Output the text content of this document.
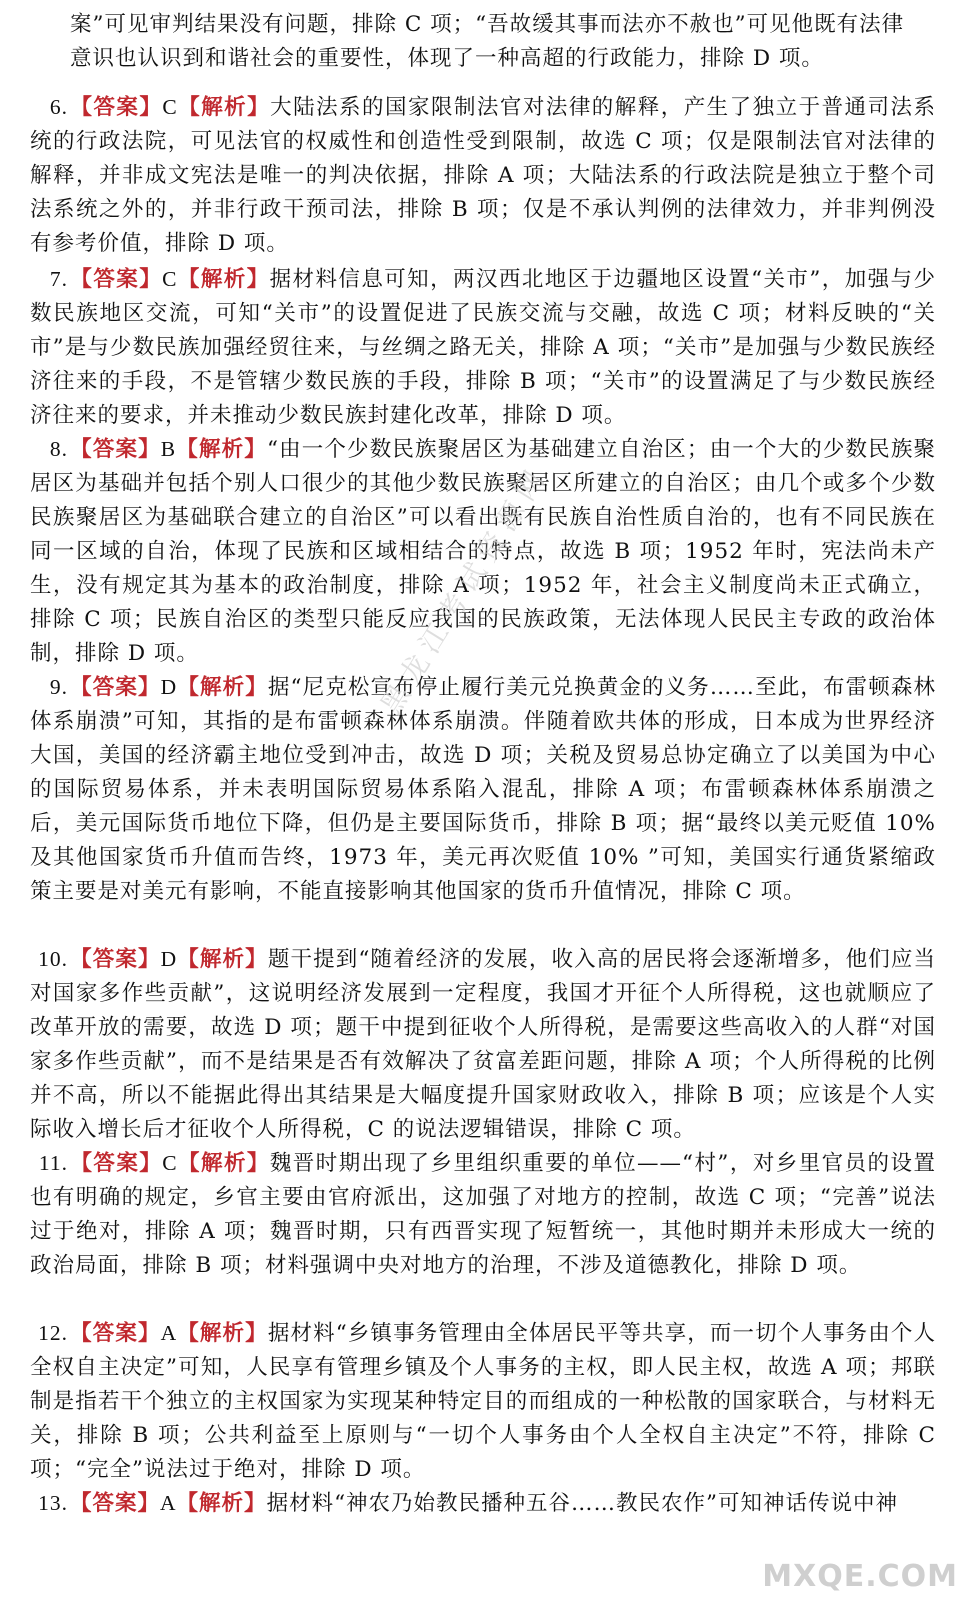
案”可见审判结果没有问题，排除 C 项；“吾故缓其事而法亦不赦也”可见他既有法律
意识也认识到和谐社会的重要性，体现了一种高超的行政能力，排除 D 项。
6.【答案】C【解析】大陆法系的国家限制法官对法律的解释，产生了独立于普通司法系统的行政法院，可见法官的权威性和创造性受到限制，故选 C 项；仅是限制法官对法律的解释，并非成文宪法是唯一的判决依据，排除 A 项；大陆法系的行政法院是独立于整个司法系统之外的，并非行政干预司法，排除 B 项；仅是不承认判例的法律效力，并非判例没有参考价值，排除 D 项。
7.【答案】C【解析】据材料信息可知，两汉西北地区于边疆地区设置“关市”，加强与少数民族地区交流，可知“关市”的设置促进了民族交流与交融，故选 C 项；材料反映的“关市”是与少数民族加强经贸往来，与丝绸之路无关，排除 A 项；“关市”是加强与少数民族经济往来的手段，不是管辖少数民族的手段，排除 B 项；“关市”的设置满足了与少数民族经济往来的要求，并未推动少数民族封建化改革，排除 D 项。
8.【答案】B【解析】“由一个少数民族聚居区为基础建立自治区；由一个大的少数民族聚居区为基础并包括个别人口很少的其他少数民族聚居区所建立的自治区；由几个或多个少数民族聚居区为基础联合建立的自治区”可以看出既有民族自治性质自治的，也有不同民族在同一区域的自治，体现了民族和区域相结合的特点，故选 B 项；1952 年时，宪法尚未产生，没有规定其为基本的政治制度，排除 A 项；1952 年，社会主义制度尚未正式确立，排除 C 项；民族自治区的类型只能反应我国的民族政策，无法体现人民民主专政的政治体制，排除 D 项。
9.【答案】D【解析】据“尼克松宣布停止履行美元兑换黄金的义务……至此，布雷顿森林体系崩溃”可知，其指的是布雷顿森林体系崩溃。伴随着欧共体的形成，日本成为世界经济大国，美国的经济霸主地位受到冲击，故选 D 项；关税及贸易总协定确立了以美国为中心的国际贸易体系，并未表明国际贸易体系陷入混乱，排除 A 项；布雷顿森林体系崩溃之后，美元国际货币地位下降，但仍是主要国际货币，排除 B 项；据“最终以美元贬值 10%及其他国家货币升值而告终，1973 年，美元再次贬值 10% ”可知，美国实行通货紧缩政策主要是对美元有影响，不能直接影响其他国家的货币升值情况，排除 C 项。
10.【答案】D【解析】题干提到“随着经济的发展，收入高的居民将会逐渐增多，他们应当对国家多作些贡献”，这说明经济发展到一定程度，我国才开征个人所得税，这也就顺应了改革开放的需要，故选 D 项；题干中提到征收个人所得税，是需要这些高收入的人群“对国家多作些贡献”，而不是结果是否有效解决了贫富差距问题，排除 A 项；个人所得税的比例并不高，所以不能据此得出其结果是大幅度提升国家财政收入，排除 B 项；应该是个人实际收入增长后才征收个人所得税，C 的说法逻辑错误，排除 C 项。
11.【答案】C【解析】魏晋时期出现了乡里组织重要的单位——“村”，对乡里官员的设置也有明确的规定，乡官主要由官府派出，这加强了对地方的控制，故选 C 项；“完善”说法过于绝对，排除 A 项；魏晋时期，只有西晋实现了短暂统一，其他时期并未形成大一统的政治局面，排除 B 项；材料强调中央对地方的治理，不涉及道德教化，排除 D 项。
12.【答案】A【解析】据材料“乡镇事务管理由全体居民平等共享，而一切个人事务由个人全权自主决定”可知，人民享有管理乡镇及个人事务的主权，即人民主权，故选 A 项；邦联制是指若干个独立的主权国家为实现某种特定目的而组成的一种松散的国家联合，与材料无关，排除 B 项；公共利益至上原则与“一切个人事务由个人全权自主决定”不符，排除 C 项；“完全”说法过于绝对，排除 D 项。
13.【答案】A【解析】据材料“神农乃始教民播种五谷……教民农作”可知神话传说中神
黑龙江考试资源网
MXQE.COM
